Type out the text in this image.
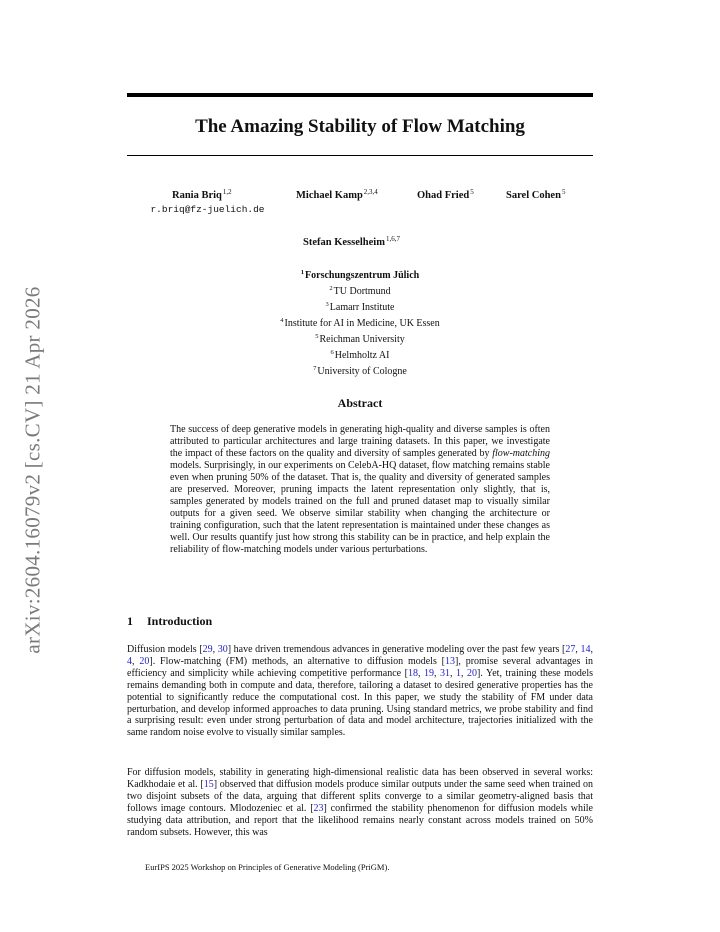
arXiv:2604.16079v2 [cs.CV] 21 Apr 2026
The Amazing Stability of Flow Matching
Rania Briq$^{1,2}$	Michael Kamp$^{2,3,4}$	Ohad Fried$^5$	Sarel Cohen$^5$
r.briq@fz-juelich.de
Stefan Kesselheim$^{1,6,7}$
$^1$Forschungszentrum Jülich
$^2$TU Dortmund
$^3$Lamarr Institute
$^4$Institute for AI in Medicine, UK Essen
$^5$Reichman University
$^6$Helmholtz AI
$^7$University of Cologne
Abstract
The success of deep generative models in generating high-quality and diverse samples is often attributed to particular architectures and large training datasets. In this paper, we investigate the impact of these factors on the quality and diversity of samples generated by flow-matching models. Surprisingly, in our experiments on CelebA-HQ dataset, flow matching remains stable even when pruning 50% of the dataset. That is, the quality and diversity of generated samples are preserved. Moreover, pruning impacts the latent representation only slightly, that is, samples generated by models trained on the full and pruned dataset map to visually similar outputs for a given seed. We observe similar stability when changing the architecture or training configuration, such that the latent representation is maintained under these changes as well. Our results quantify just how strong this stability can be in practice, and help explain the reliability of flow-matching models under various perturbations.
1 Introduction

Diffusion models [29, 30] have driven tremendous advances in generative modeling over the past few years [27, 14, 4, 20]. Flow-matching (FM) methods, an alternative to diffusion models [13], promise several advantages in efficiency and simplicity while achieving competitive performance [18, 19, 31, 1, 20]. Yet, training these models remains demanding both in compute and data, therefore, tailoring a dataset to desired generative properties has the potential to significantly reduce the computational cost. In this paper, we study the stability of FM under data perturbation, and develop informed approaches to data pruning. Using standard metrics, we probe stability and find a surprising result: even under strong perturbation of data and model architecture, trajectories initialized with the same random noise evolve to visually similar samples.

For diffusion models, stability in generating high-dimensional realistic data has been observed in several works: Kadkhodaie et al. [15] observed that diffusion models produce similar outputs under the same seed when trained on two disjoint subsets of the data, arguing that different splits converge to a similar geometry-aligned basis that follows image contours. Mlodozeniec et al. [23] confirmed the stability phenomenon for diffusion models while studying data attribution, and report that the likelihood remains nearly constant across models trained on 50% random subsets. However, this was

EurIPS 2025 Workshop on Principles of Generative Modeling (PriGM).
